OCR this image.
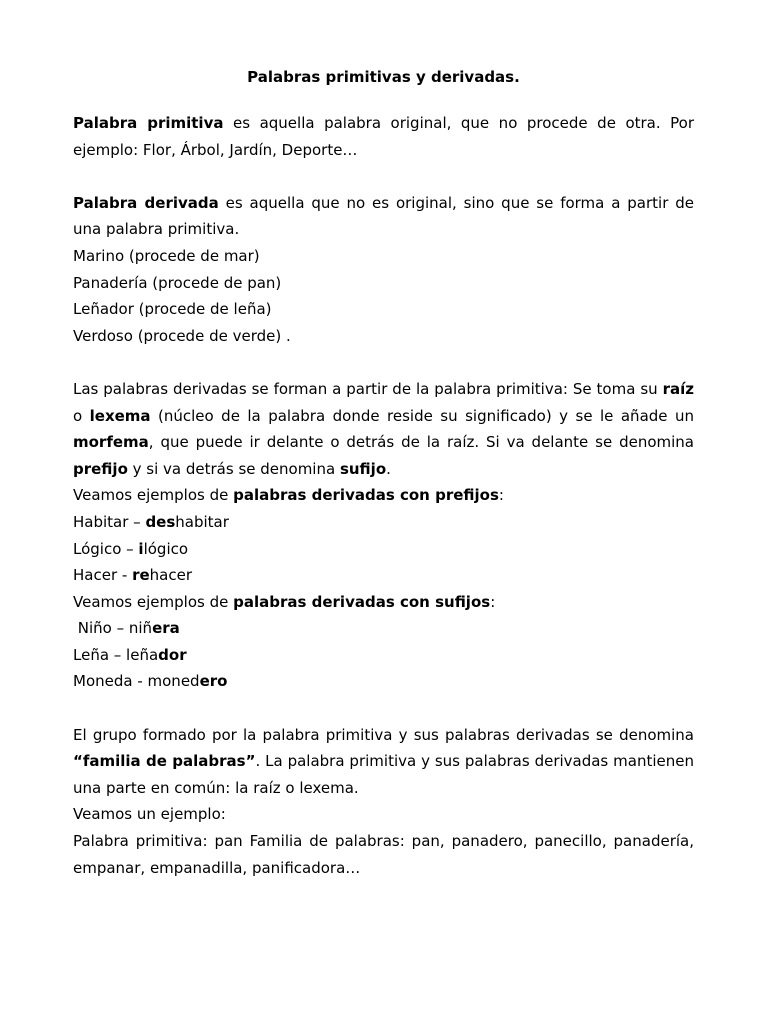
Palabras primitivas y derivadas.

Palabra primitiva es aquella palabra original, que no procede de otra. Por ejemplo: Flor, Árbol, Jardín, Deporte…

Palabra derivada es aquella que no es original, sino que se forma a partir de una palabra primitiva.

Marino (procede de mar)

Panadería (procede de pan)

Leñador (procede de leña)

Verdoso (procede de verde) .

Las palabras derivadas se forman a partir de la palabra primitiva: Se toma su raíz o lexema (núcleo de la palabra donde reside su significado) y se le añade un morfema, que puede ir delante o detrás de la raíz. Si va delante se denomina prefijo y si va detrás se denomina sufijo.

Veamos ejemplos de palabras derivadas con prefijos:

Habitar – deshabitar

Lógico – ilógico

Hacer - rehacer

Veamos ejemplos de palabras derivadas con sufijos:

Niño – niñera

Leña – leñador

Moneda - monedero

El grupo formado por la palabra primitiva y sus palabras derivadas se denomina “familia de palabras”. La palabra primitiva y sus palabras derivadas mantienen una parte en común: la raíz o lexema.

Veamos un ejemplo:

Palabra primitiva: pan Familia de palabras: pan, panadero, panecillo, panadería, empanar, empanadilla, panificadora…
